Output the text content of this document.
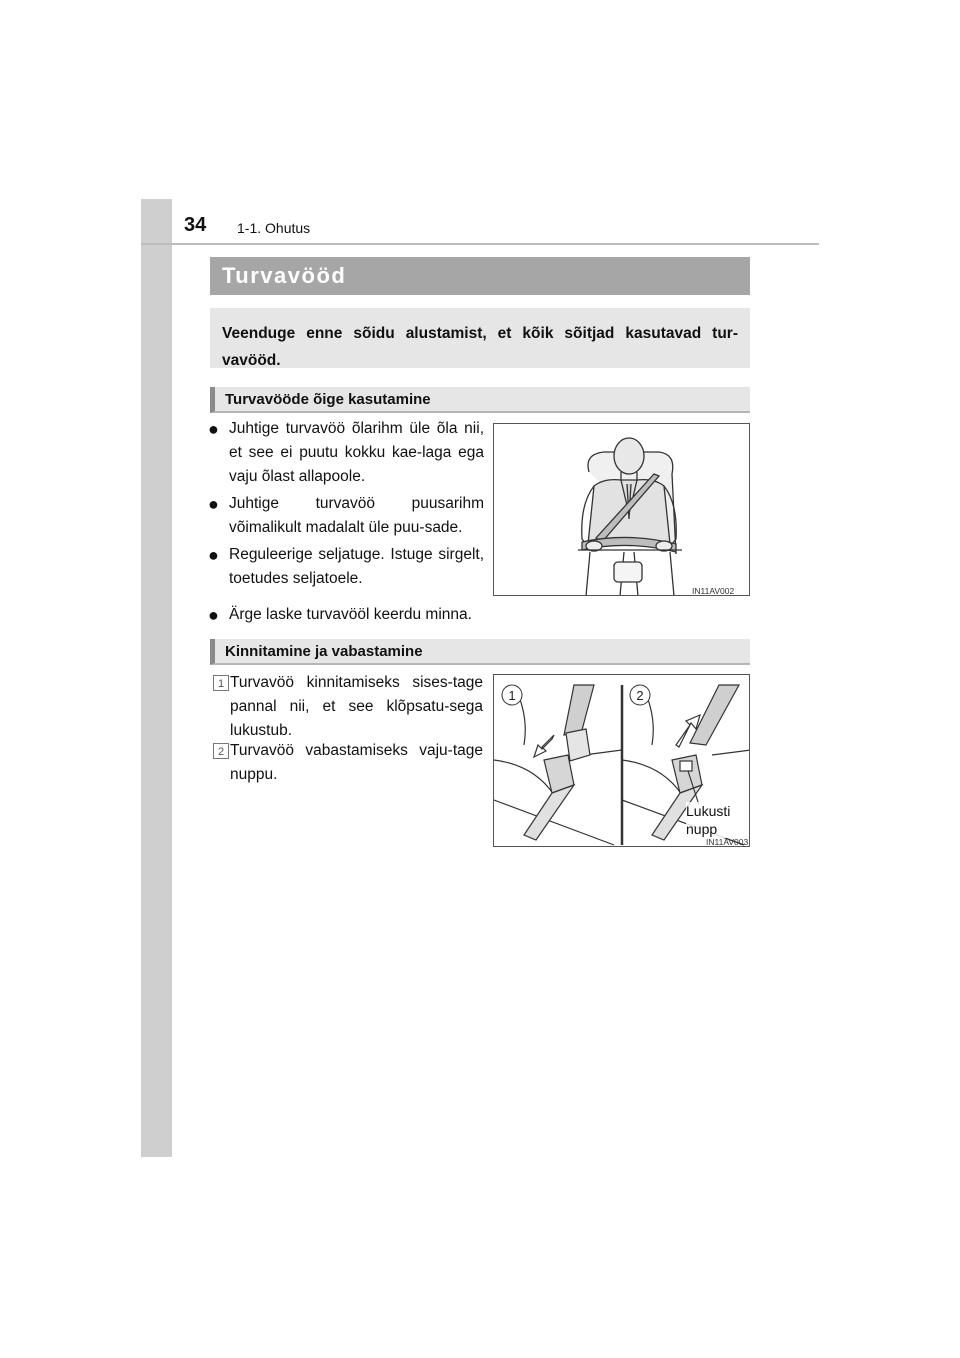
34 1-1. Ohutus
Turvavööd
Veenduge enne sõidu alustamist, et kõik sõitjad kasutavad tur-vavööd.
Turvavööde õige kasutamine
● Juhtige turvavöö õlarihm üle õla nii, et see ei puutu kokku kae-laga ega vaju õlast allapoole.
● Juhtige turvavöö puusarihm võimalikult madalalt üle puu-sade.
● Reguleerige seljatuge. Istuge sirgelt, toetudes seljatoele.
● Ärge laske turvavööl keerdu minna.
IN11AV002
Kinnitamine ja vabastamine
1 Turvavöö kinnitamiseks sises-tage pannal nii, et see klõpsatu-sega lukustub.
2 Turvavöö vabastamiseks vaju-tage nuppu.
1	2
Lukusti
nupp
IN11AV003
